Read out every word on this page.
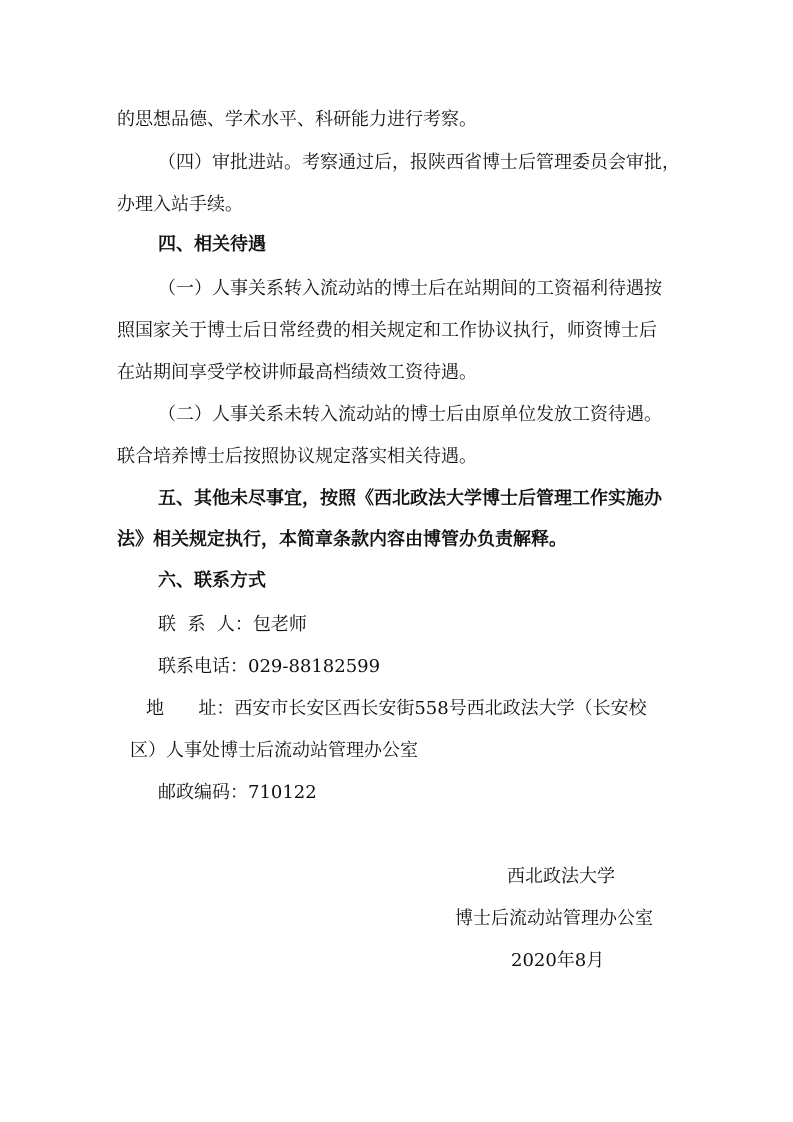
的思想品德、学术水平、科研能力进行考察。
（四）审批进站。考察通过后，报陕西省博士后管理委员会审批，
办理入站手续。
四、相关待遇
（一）人事关系转入流动站的博士后在站期间的工资福利待遇按
照国家关于博士后日常经费的相关规定和工作协议执行，师资博士后
在站期间享受学校讲师最高档绩效工资待遇。
（二）人事关系未转入流动站的博士后由原单位发放工资待遇。
联合培养博士后按照协议规定落实相关待遇。
五、其他未尽事宜，按照《西北政法大学博士后管理工作实施办
法》相关规定执行，本简章条款内容由博管办负责解释。
六、联系方式
联  系  人：包老师
联系电话：029-88182599
地      址：西安市长安区西长安街558号西北政法大学（长安校
区）人事处博士后流动站管理办公室
邮政编码：710122
西北政法大学
博士后流动站管理办公室
2020年8月
